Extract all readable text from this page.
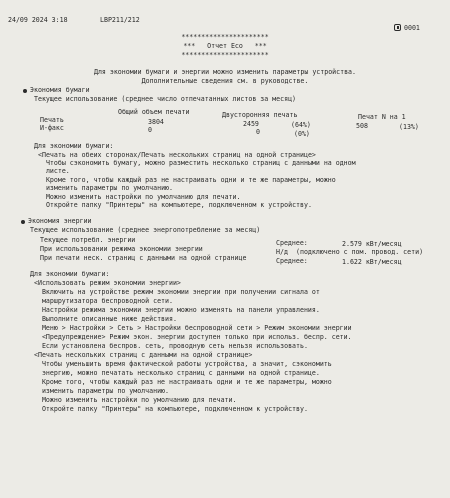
24/09 2024 3:18	LBP211/212
0001
**********************
***   Отчет Eco   ***
**********************
Для экономии бумаги и энергии можно изменить параметры устройства.
Дополнительные сведения см. в руководстве.
Экономия бумаги
Текущее использование (среднее число отпечатанных листов за месяц)
Общий объем печати	Двусторонняя печать	Печат N на 1
Печать	3804	2459	(64%)	508	(13%)
И-факс	0	0	(0%)
Для экономии бумаги:
<Печать на обеих сторонах/Печать нескольких страниц на одной странице>
Чтобы сэкономить бумагу, можно разместить несколько страниц с данными на одном
листе.
Кроме того, чтобы каждый раз не настраивать одни и те же параметры, можно
изменить параметры по умолчанию.
Можно изменить настройки по умолчанию для печати.
Откройте папку "Принтеры" на компьютере, подключенном к устройству.
Экономия энергии
Текущее использование (среднее энергопотребление за месяц)
Текущее потребл. энергии	Среднее:	2.579 кВт/месяц
При использовании режима экономии энергии	Н/д (подключено с пом. провод. сети)
При печати неск. страниц с данными на одной странице	Среднее:	1.622 кВт/месяц
Для экономии бумаги:
<Использовать режим экономии энергии>
Включить на устройстве режим экономии энергии при получении сигнала от
маршрутизатора беспроводной сети.
Настройки режима экономии энергии можно изменять на панели управления.
Выполните описанные ниже действия.
Меню > Настройки > Сеть > Настройки беспроводной сети > Режим экономии энергии
<Предупреждение> Режим экон. энергии доступен только при использ. беспр. сети.
Если установлена беспров. сеть, проводную сеть нельзя использовать.
<Печать нескольких страниц с данными на одной странице>
Чтобы уменьшить время фактической работы устройства, а значит, сэкономить
энергию, можно печатать несколько страниц с данными на одной странице.
Кроме того, чтобы каждый раз не настраивать одни и те же параметры, можно
изменить параметры по умолчанию.
Можно изменить настройки по умолчанию для печати.
Откройте папку "Принтеры" на компьютере, подключенном к устройству.
